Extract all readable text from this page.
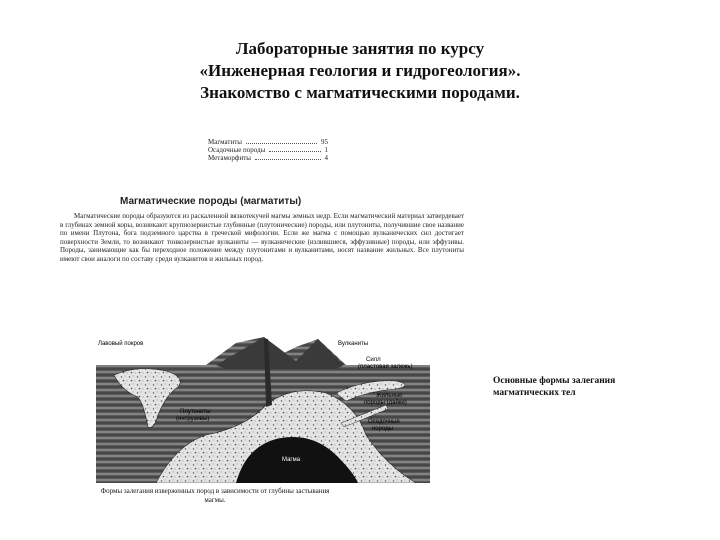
Лабораторные занятия по курсу
«Инженерная геология и гидрогеология».
Знакомство с магматическими породами.
Магматиты	95
Осадочные породы	1
Метаморфиты	4
Магматические породы (магматиты)
Магматические породы образуются из раскаленной вязкотекучей магмы земных недр. Если магматический материал затвердевает в глубинах земной коры, возникают крупнозернистые глубинные (плутонические) породы, или плутониты, получившие свое название по имени Плутона, бога подземного царства в греческой мифологии. Если же магма с помощью вулканических сил достигает поверхности Земли, то возникают тонкозернистые вулканиты — вулканические (излившиеся, эффузивные) породы, или эффузивы. Породы, занимающие как бы переходное положение между плутонитами и вулканитами, носят название жильных. Все плутониты имеют свои аналоги по составу среди вулканитов и жильных пород.
Лавовый покров	Вулканиты
Силл
(пластовая залежь)
Жильные
породы (дайки)
Плутониты
(интрузивы)	Осадочные
породы
Магма
Формы залегания изверженных пород в зависимости от глубины застывания магмы.
Основные формы залегания
магматических тел
